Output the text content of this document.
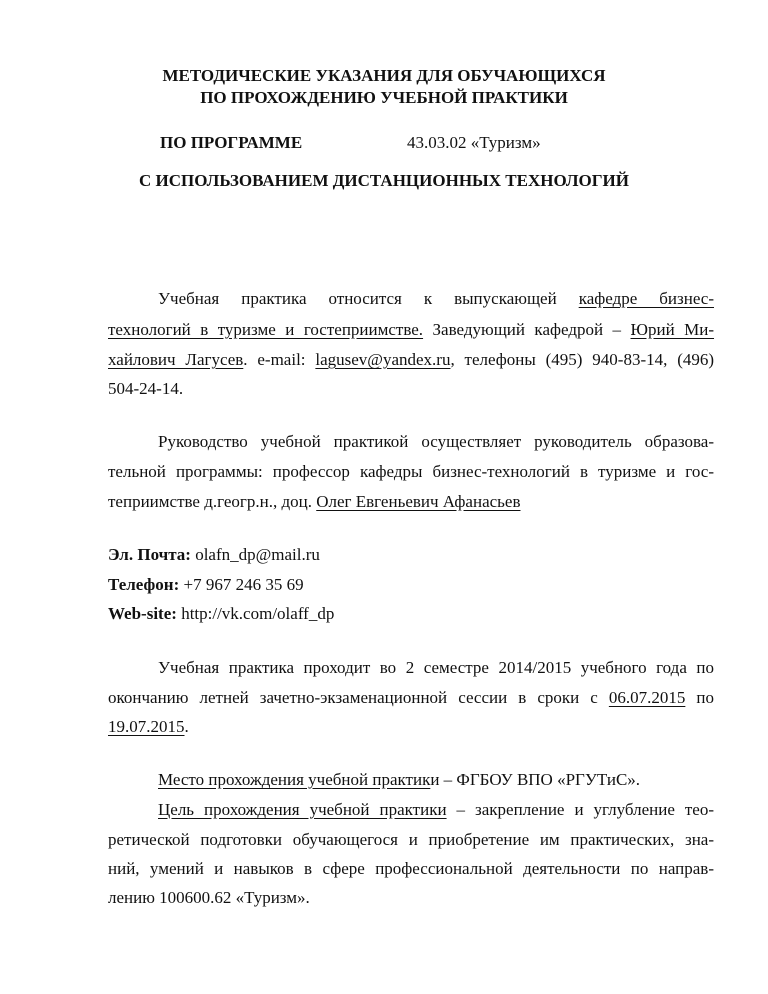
МЕТОДИЧЕСКИЕ УКАЗАНИЯ ДЛЯ ОБУЧАЮЩИХСЯ
ПО ПРОХОЖДЕНИЮ УЧЕБНОЙ ПРАКТИКИ
ПО ПРОГРАММЕ	43.03.02 «Туризм»
С ИСПОЛЬЗОВАНИЕМ ДИСТАНЦИОННЫХ ТЕХНОЛОГИЙ
Учебная практика относится к выпускающей кафедре бизнес-
технологий в туризме и гостеприимстве. Заведующий кафедрой – Юрий Ми-
хайлович Лагусев. e-mail: lagusev@yandex.ru, телефоны (495) 940-83-14, (496)
504-24-14.
Руководство учебной практикой осуществляет руководитель образова-
тельной программы: профессор кафедры бизнес-технологий в туризме и гос-
теприимстве д.геогр.н., доц. Олег Евгеньевич Афанасьев
Эл. Почта: olafn_dp@mail.ru
Телефон: +7 967 246 35 69
Web-site: http://vk.com/olaff_dp
Учебная практика проходит во 2 семестре 2014/2015 учебного года по
окончанию летней зачетно-экзаменационной сессии в сроки с 06.07.2015 по
19.07.2015.
Место прохождения учебной практики – ФГБОУ ВПО «РГУТиС».
Цель прохождения учебной практики – закрепление и углубление тео-
ретической подготовки обучающегося и приобретение им практических, зна-
ний, умений и навыков в сфере профессиональной деятельности по направ-
лению 100600.62 «Туризм».
